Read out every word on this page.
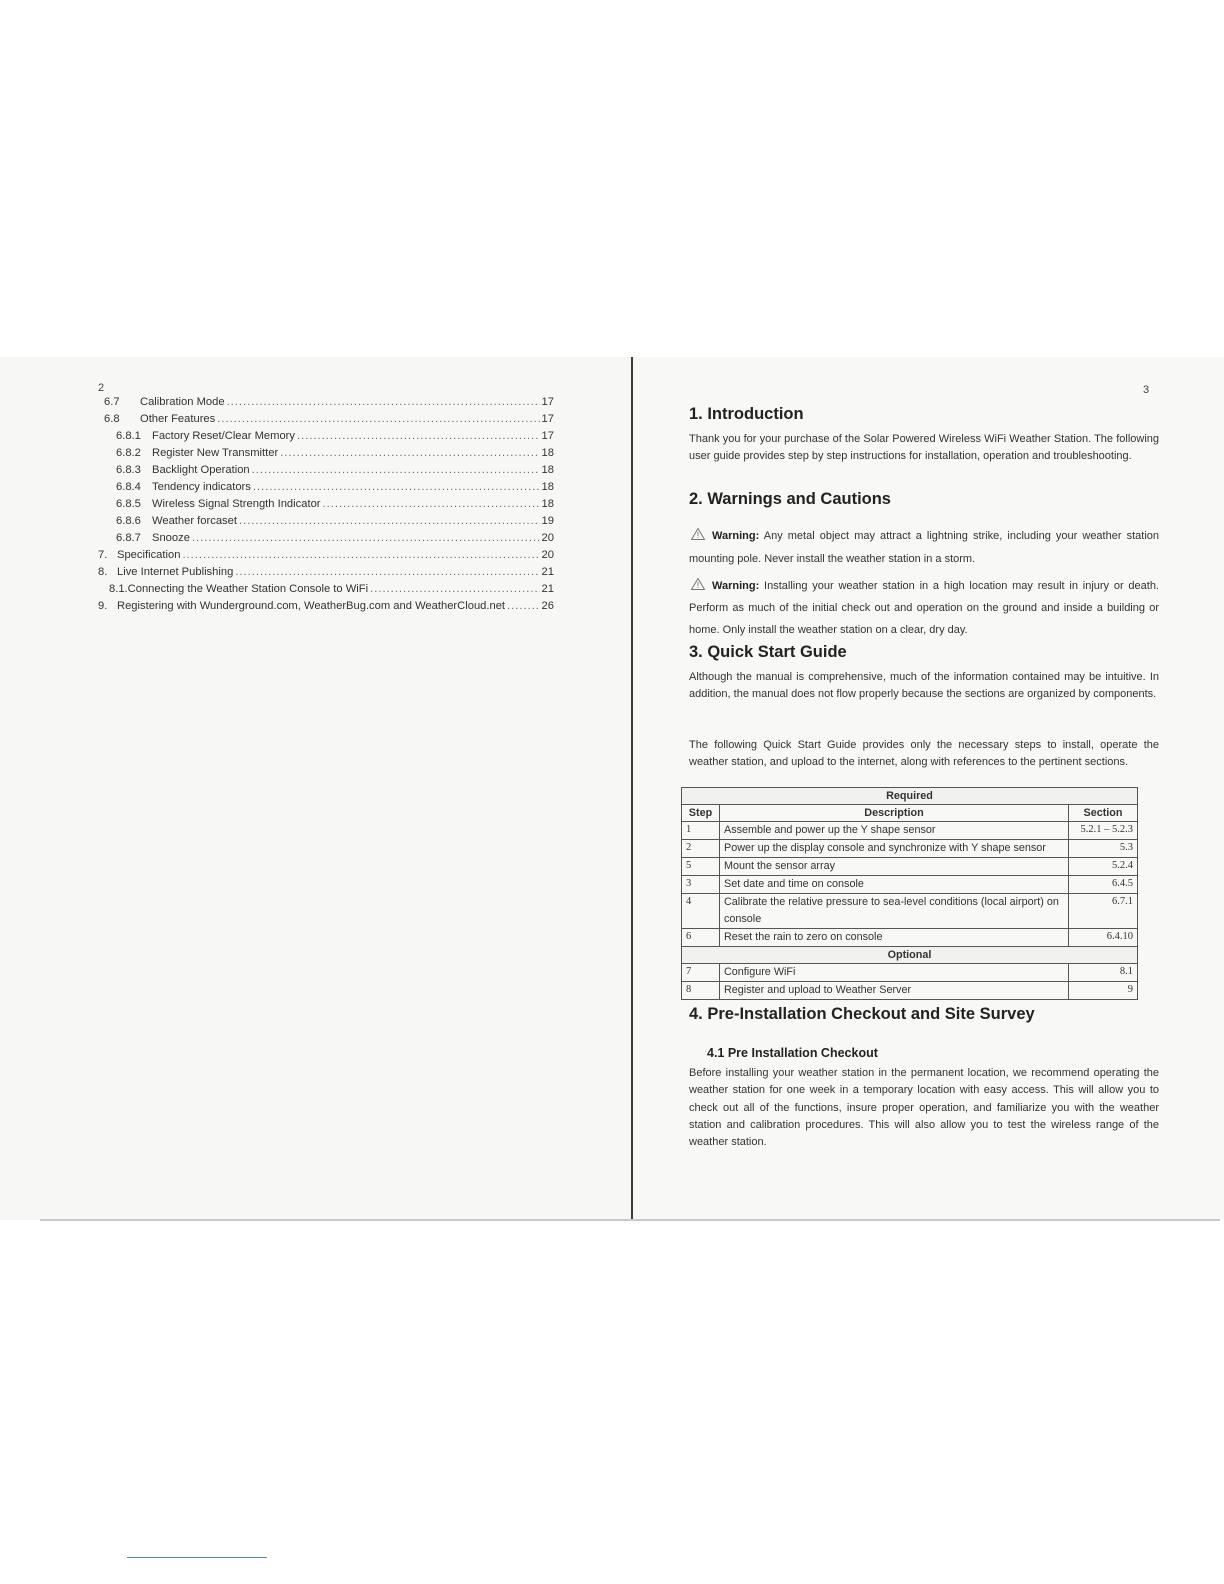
2
6.7	Calibration Mode .....	17
6.8	Other Features .....	17
6.8.1 Factory Reset/Clear Memory .....	17
6.8.2 Register New Transmitter .....	18
6.8.3 Backlight Operation .....	18
6.8.4 Tendency indicators .....	18
6.8.5 Wireless Signal Strength Indicator .....	18
6.8.6 Weather forcaset .....	19
6.8.7 Snooze .....	20
7. Specification .....	20
8. Live Internet Publishing .....	21
8.1.Connecting the Weather Station Console to WiFi .....	21
9. Registering with Wunderground.com, WeatherBug.com and WeatherCloud.net .....	26
3
1. Introduction
Thank you for your purchase of the Solar Powered Wireless WiFi Weather Station. The following user guide provides step by step instructions for installation, operation and troubleshooting.
2. Warnings and Cautions
! Warning: Any metal object may attract a lightning strike, including your weather station mounting pole. Never install the weather station in a storm.
! Warning: Installing your weather station in a high location may result in injury or death. Perform as much of the initial check out and operation on the ground and inside a building or home. Only install the weather station on a clear, dry day.
3. Quick Start Guide
Although the manual is comprehensive, much of the information contained may be intuitive. In addition, the manual does not flow properly because the sections are organized by components.
The following Quick Start Guide provides only the necessary steps to install, operate the weather station, and upload to the internet, along with references to the pertinent sections.
Required		
Step	Description	Section
1	Assemble and power up the Y shape sensor	5.2.1 – 5.2.3
2	Power up the display console and synchronize with Y shape sensor	5.3
5	Mount the sensor array	5.2.4
3	Set date and time on console	6.4.5
4	Calibrate the relative pressure to sea-level conditions (local airport) on console	6.7.1
6	Reset the rain to zero on console	6.4.10
Optional		
7	Configure WiFi	8.1
8	Register and upload to Weather Server	9
4. Pre-Installation Checkout and Site Survey
4.1 Pre Installation Checkout
Before installing your weather station in the permanent location, we recommend operating the weather station for one week in a temporary location with easy access. This will allow you to check out all of the functions, insure proper operation, and familiarize you with the weather station and calibration procedures. This will also allow you to test the wireless range of the weather station.
